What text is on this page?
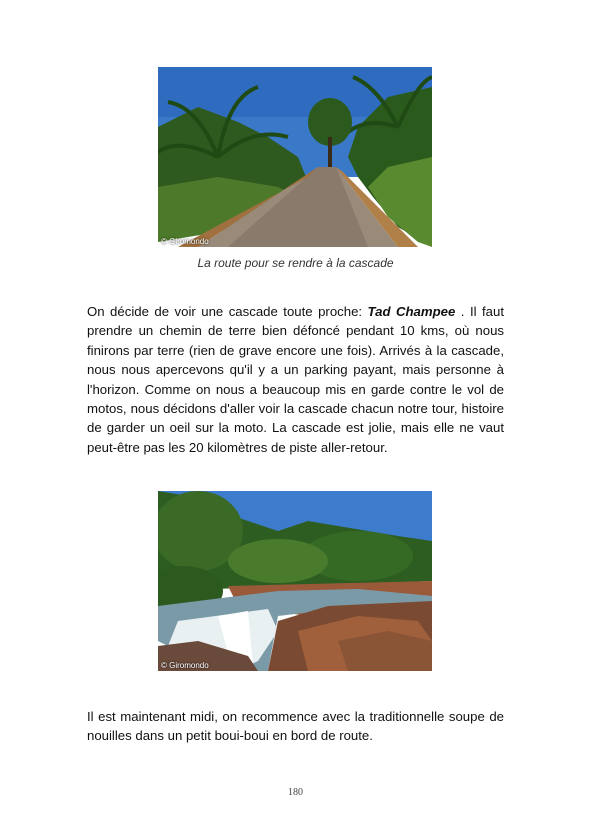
© Giromondo
La route pour se rendre à la cascade

On décide de voir une cascade toute proche: Tad Champee . Il faut prendre un chemin de terre bien défoncé pendant 10 kms, où nous finirons par terre (rien de grave encore une fois). Arrivés à la cascade, nous nous apercevons qu'il y a un parking payant, mais personne à l'horizon. Comme on nous a beaucoup mis en garde contre le vol de motos, nous décidons d'aller voir la cascade chacun notre tour, histoire de garder un oeil sur la moto. La cascade est jolie, mais elle ne vaut peut-être pas les 20 kilomètres de piste aller-retour.

© Giromondo

Il est maintenant midi, on recommence avec la traditionnelle soupe de nouilles dans un petit boui-boui en bord de route.

180
